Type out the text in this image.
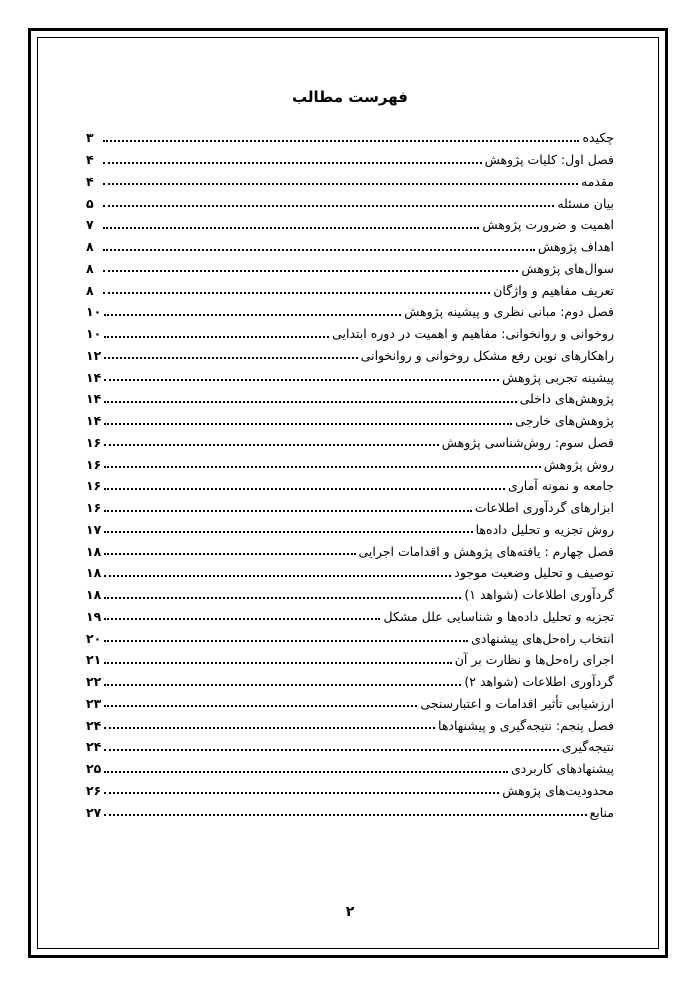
فهرست مطالب
چکیده
۳
فصل اول: کلیات پژوهش
۴
مقدمه
۴
بیان مسئله
۵
اهمیت و ضرورت پژوهش
۷
اهداف پژوهش
۸
سوال‌های پژوهش
۸
تعریف مفاهیم و واژگان
۸
فصل دوم: مبانی نظری و پیشینه پژوهش
۱۰
روخوانی و روانخوانی: مفاهیم و اهمیت در دوره ابتدایی
۱۰
راهکارهای نوین رفع مشکل روخوانی و روانخوانی
۱۲
پیشینه تجربی پژوهش
۱۴
پژوهش‌های داخلی
۱۴
پژوهش‌های خارجی
۱۴
فصل سوم: روش‌شناسی پژوهش
۱۶
روش پژوهش
۱۶
جامعه و نمونه آماری
۱۶
ابزارهای گردآوری اطلاعات
۱۶
روش تجزیه و تحلیل داده‌ها
۱۷
فصل چهارم : یافته‌های پژوهش و اقدامات اجرایی
۱۸
توصیف و تحلیل وضعیت موجود
۱۸
گردآوری اطلاعات (شواهد ۱)
۱۸
تجزیه و تحلیل داده‌ها و شناسایی علل مشکل
۱۹
انتخاب راه‌حل‌های پیشنهادی
۲۰
اجرای راه‌حل‌ها و نظارت بر آن
۲۱
گردآوری اطلاعات (شواهد ۲)
۲۲
ارزشیابی تأثیر اقدامات و اعتبارسنجی
۲۳
فصل پنجم: نتیجه‌گیری و پیشنهادها
۲۴
نتیجه‌گیری
۲۴
پیشنهادهای کاربردی
۲۵
محدودیت‌های پژوهش
۲۶
منابع
۲۷
۲
